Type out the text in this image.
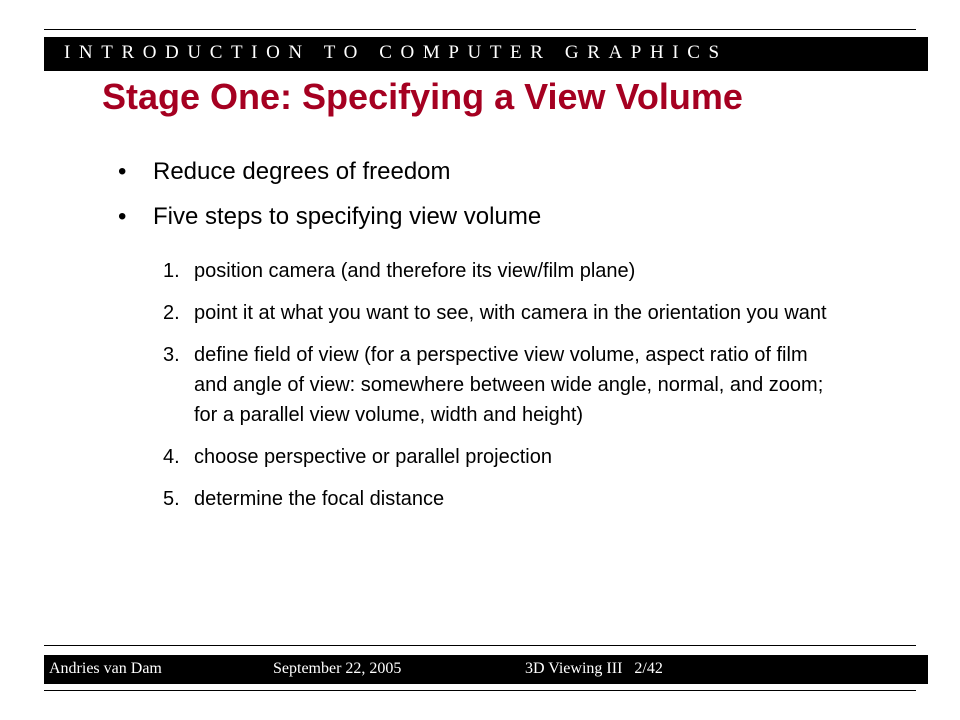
INTRODUCTION TO COMPUTER GRAPHICS
Stage One: Specifying a View Volume
• Reduce degrees of freedom
• Five steps to specifying view volume
1. position camera (and therefore its view/film plane)
2. point it at what you want to see, with camera in the orientation you want
3. define field of view (for a perspective view volume, aspect ratio of film and angle of view: somewhere between wide angle, normal, and zoom; for a parallel view volume, width and height)
4. choose perspective or parallel projection
5. determine the focal distance
Andries van Dam	September 22, 2005	3D Viewing III 2/42
